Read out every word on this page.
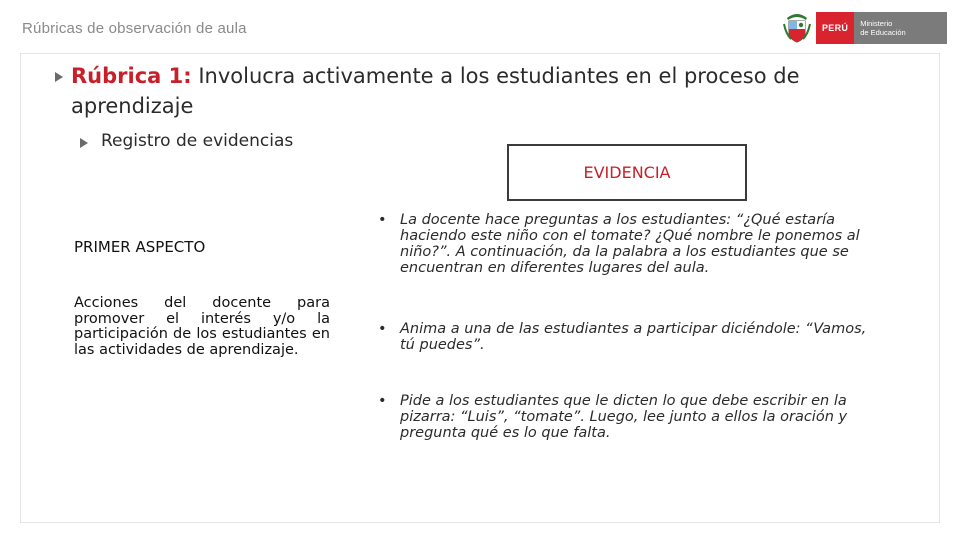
Rúbricas de observación de aula	PERÚ	Ministerio
de Educación
Rúbrica 1: Involucra activamente a los estudiantes en el proceso de aprendizaje
Registro de evidencias
EVIDENCIA
PRIMER ASPECTO
Acciones del docente para promover el interés y/o la participación de los estudiantes en las actividades de aprendizaje.
• La docente hace preguntas a los estudiantes: “¿Qué estaría haciendo este niño con el tomate? ¿Qué nombre le ponemos al niño?”. A continuación, da la palabra a los estudiantes que se encuentran en diferentes lugares del aula.
• Anima a una de las estudiantes a participar diciéndole: “Vamos, tú puedes”.
• Pide a los estudiantes que le dicten lo que debe escribir en la pizarra: “Luis”, “tomate”. Luego, lee junto a ellos la oración y pregunta qué es lo que falta.
